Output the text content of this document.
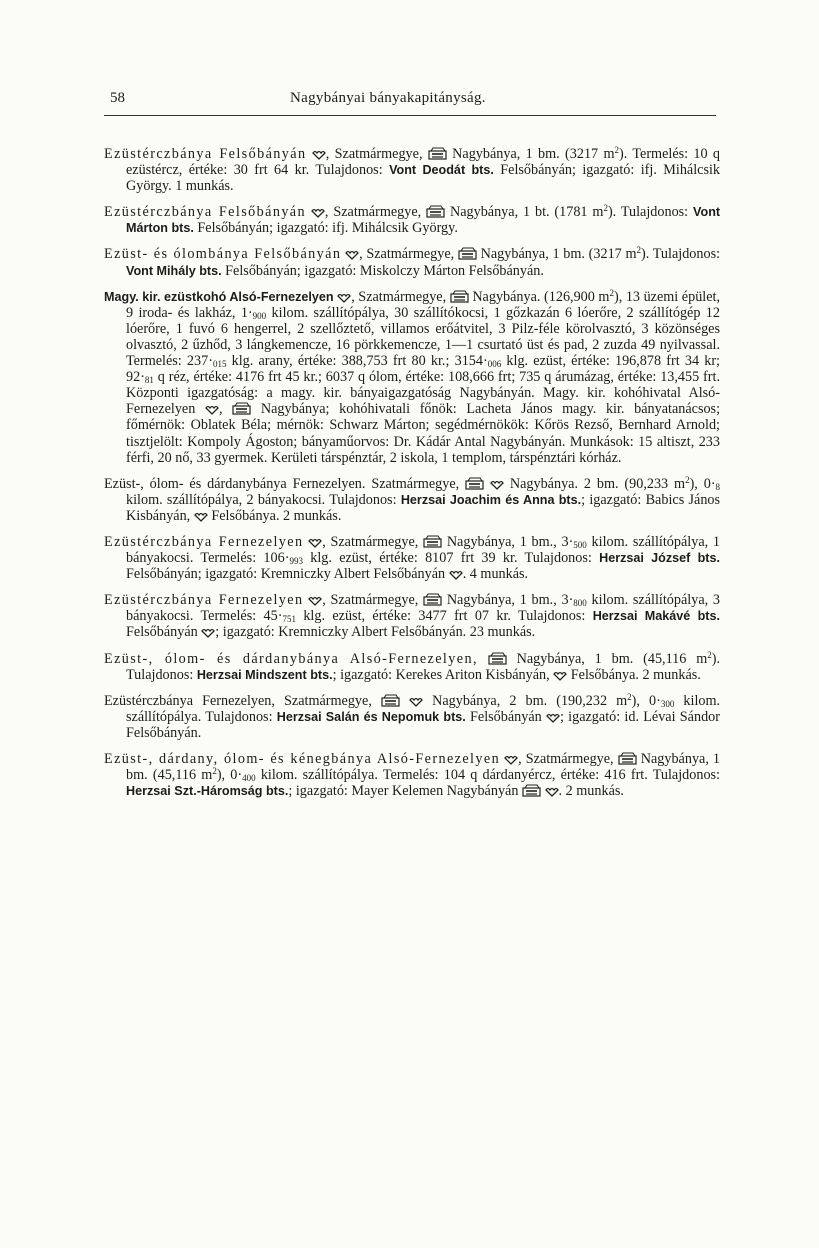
58	Nagybányai bányakapitányság.

Ezüstérczbánya Felsőbányán , Szatmármegye, Nagybánya, 1 bm. (3217 $m^2$). Termelés: 10 q ezüstércz, értéke: 30 frt 64 kr. Tulajdonos: Vont Deodát bts. Felsőbányán; igazgató: ifj. Mihálcsik György. 1 munkás.

Ezüstérczbánya Felsőbányán , Szatmármegye, Nagybánya, 1 bt. (1781 $m^2$). Tulajdonos: Vont Márton bts. Felsőbányán; igazgató: ifj. Mihálcsik György.

Ezüst- és ólombánya Felsőbányán , Szatmármegye, Nagybánya, 1 bm. (3217 $m^2$). Tulajdonos: Vont Mihály bts. Felsőbányán; igazgató: Miskolczy Márton Felsőbányán.

Magy. kir. ezüstkohó Alsó-Fernezelyen , Szatmármegye, Nagybánya. (126,900 $m^2$), 13 üzemi épület, 9 iroda- és lakház, $1\cdot_{900}$ kilom. szállítópálya, 30 szállítókocsi, 1 gőzkazán 6 lóerőre, 2 szállítógép 12 lóerőre, 1 fuvó 6 hengerrel, 2 szellőztető, villamos erőátvitel, 3 Pilz-féle körolvasztó, 3 közönséges olvasztó, 2 űzhőd, 3 lángkemencze, 16 pörkkemencze, 1—1 csurtató üst és pad, 2 zuzda 49 nyilvassal. Termelés: $237\cdot_{015}$ klg. arany, értéke: 388,753 frt 80 kr.; $3154\cdot_{006}$ klg. ezüst, értéke: 196,878 frt 34 kr; $92\cdot_{81}$ q réz, értéke: 4176 frt 45 kr.; 6037 q ólom, értéke: 108,666 frt; 735 q árumázag, értéke: 13,455 frt. Központi igazgatóság: a magy. kir. bányaigazgatóság Nagybányán. Magy. kir. kohóhivatal Alsó-Fernezelyen ,	Nagybánya; kohóhivatali főnök: Lacheta János magy. kir. bányatanácsos; főmérnök: Oblatek Béla; mérnök: Schwarz Márton; segédmérnökök: Kőrös Rezső, Bernhard Arnold; tisztjelölt: Kompoly Ágoston; bányaműorvos: Dr. Kádár Antal Nagybányán. Munkások: 15 altiszt, 233 férfi, 20 nő, 33 gyermek. Kerületi társpénztár, 2 iskola, 1 templom, társpénztári kórház.

Ezüst-, ólom- és dárdanybánya Fernezelyen. Szatmármegye,	Nagybánya. 2 bm. (90,233 $m^2$), $0\cdot_8$ kilom. szállítópálya, 2 bányakocsi. Tulajdonos: Herzsai Joachim és Anna bts.; igazgató: Babics János Kisbányán, Felsőbánya. 2 munkás.

Ezüstérczbánya Fernezelyen , Szatmármegye, Nagybánya, 1 bm., $3\cdot_{500}$ kilom. szállítópálya, 1 bányakocsi. Termelés: $106\cdot_{993}$ klg. ezüst, értéke: 8107 frt 39 kr. Tulajdonos: Herzsai József bts. Felsőbányán; igazgató: Kremniczky Albert Felsőbányán . 4 munkás.

Ezüstérczbánya Fernezelyen , Szatmármegye, Nagybánya, 1 bm., $3\cdot_{800}$ kilom. szállítópálya, 3 bányakocsi. Termelés: $45\cdot_{751}$ klg. ezüst, értéke: 3477 frt 07 kr. Tulajdonos: Herzsai Makávé bts. Felsőbányán ; igazgató: Kremniczky Albert Felsőbányán. 23 munkás.

Ezüst-, ólom- és dárdanybánya Alsó-Fernezelyen,	Nagybánya, 1 bm. (45,116 $m^2$). Tulajdonos: Herzsai Mindszent bts.; igazgató: Kerekes Ariton Kisbányán, Felsőbánya. 2 munkás.

Ezüstérczbánya Fernezelyen, Szatmármegye,	Nagybánya, 2 bm. (190,232 $m^2$), $0\cdot_{300}$ kilom. szállítópálya. Tulajdonos: Herzsai Salán és Nepomuk bts. Felsőbányán ; igazgató: id. Lévai Sándor Felsőbányán.

Ezüst-, dárdany, ólom- és kénegbánya Alsó-Fernezelyen , Szatmármegye, Nagybánya, 1 bm. (45,116 $m^2$), $0\cdot_{400}$ kilom. szállítópálya. Termelés: 104 q dárdanyércz, értéke: 416 frt. Tulajdonos: Herzsai Szt.-Háromság bts.; igazgató: Mayer Kelemen Nagybányán	. 2 munkás.
